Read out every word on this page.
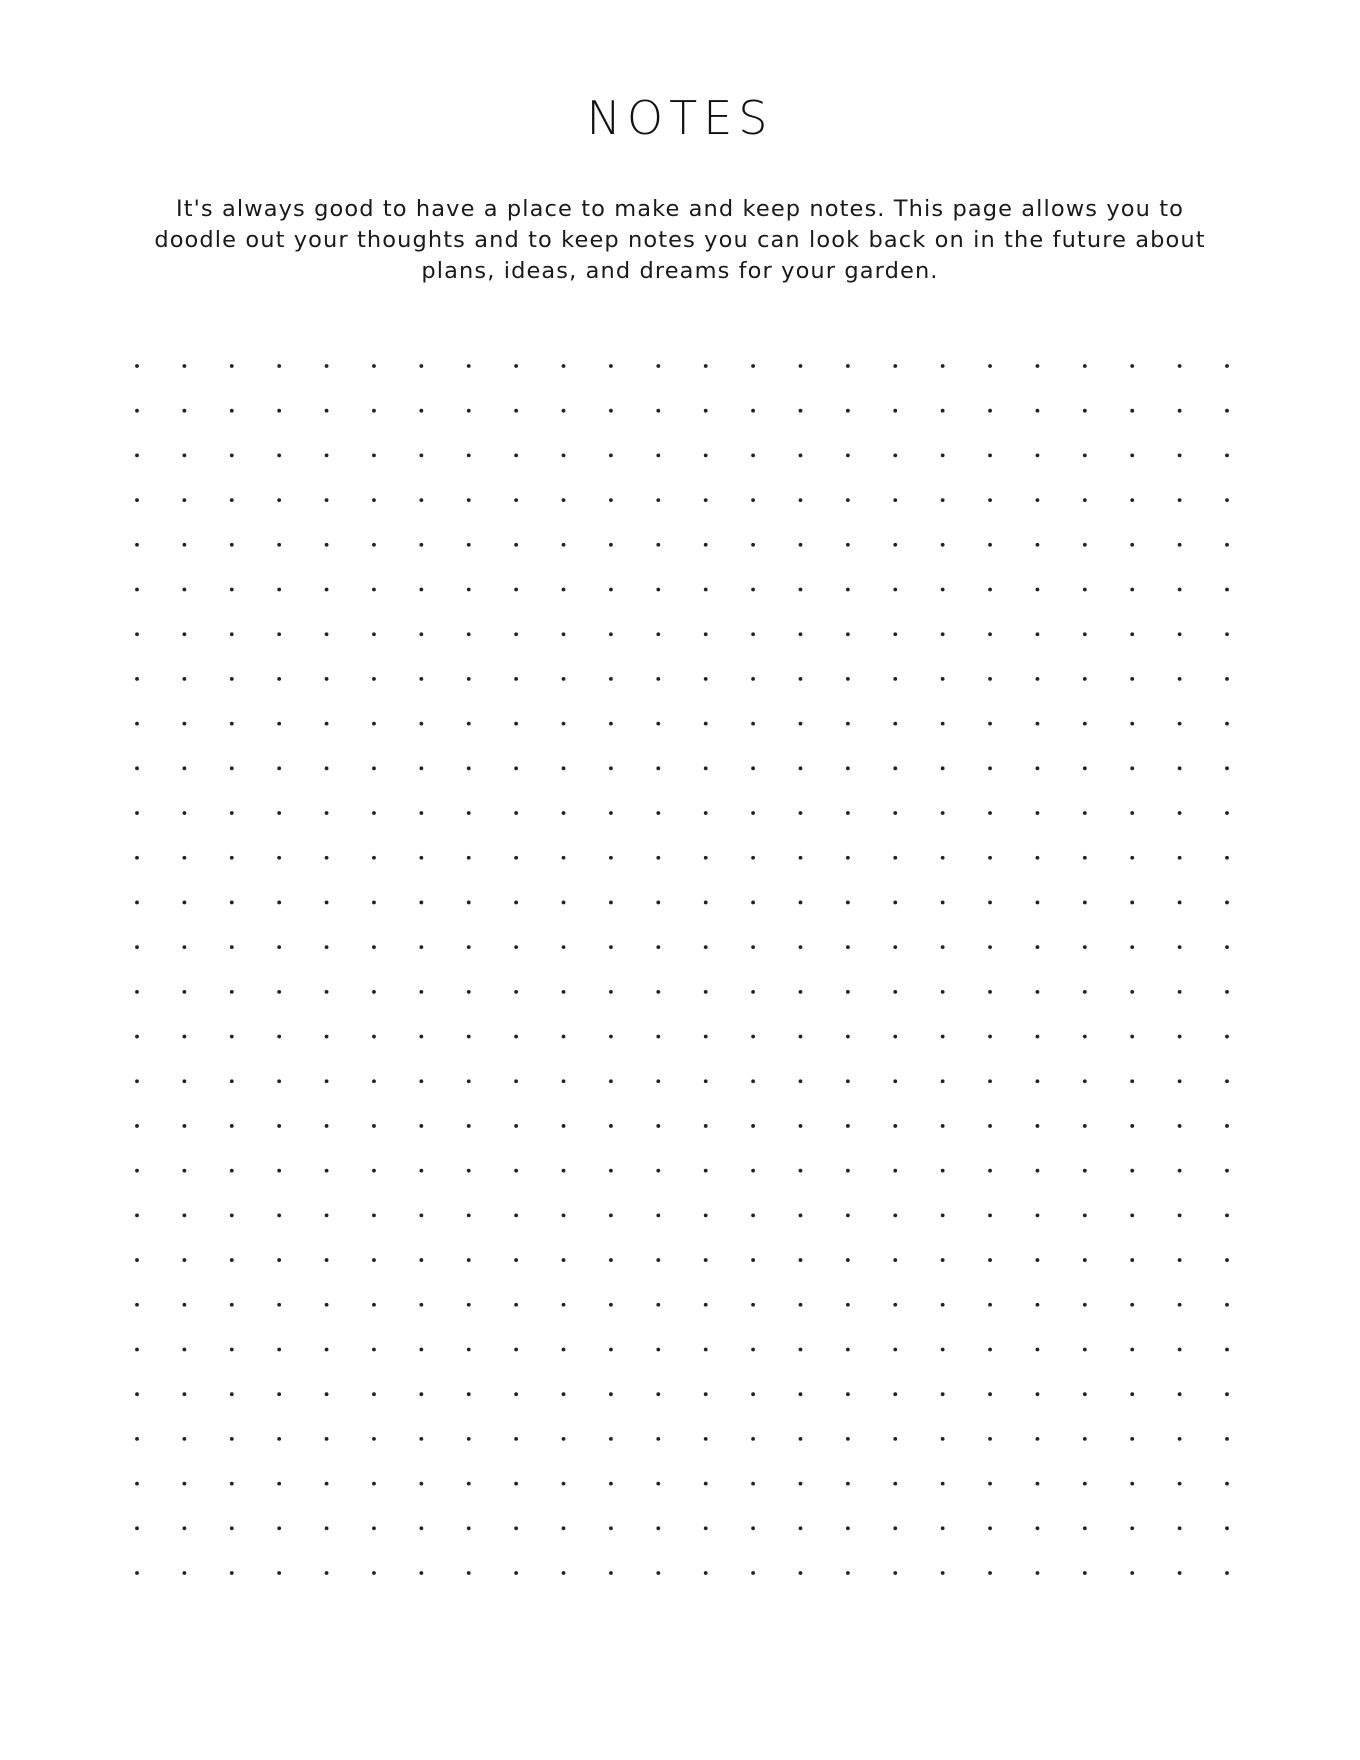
NOTES

It's always good to have a place to make and keep notes. This page allows you to doodle out your thoughts and to keep notes you can look back on in the future about plans, ideas, and dreams for your garden.
